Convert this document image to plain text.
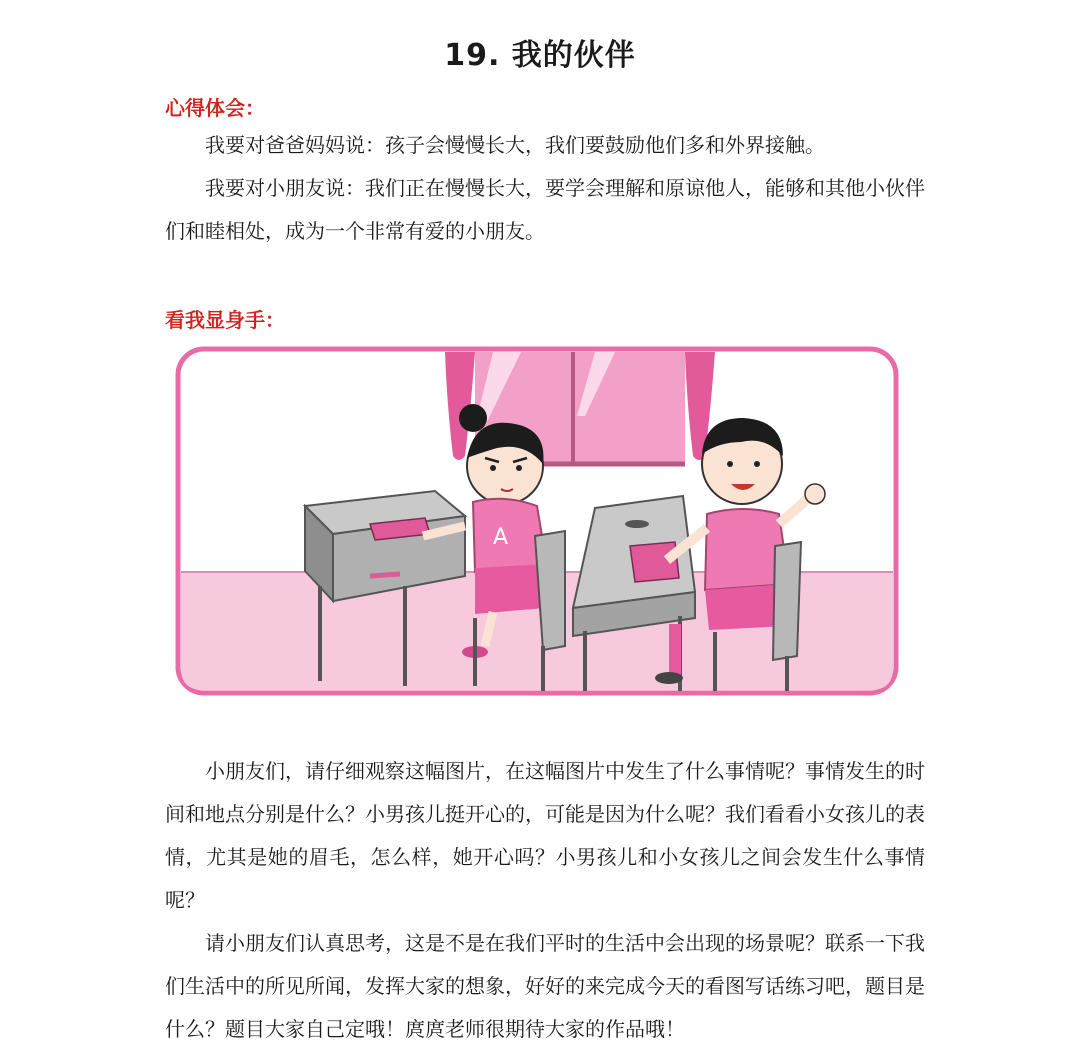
19. 我的伙伴
心得体会：
我要对爸爸妈妈说：孩子会慢慢长大，我们要鼓励他们多和外界接触。
我要对小朋友说：我们正在慢慢长大，要学会理解和原谅他人，能够和其他小伙伴们和睦相处，成为一个非常有爱的小朋友。
看我显身手：
A
小朋友们，请仔细观察这幅图片，在这幅图片中发生了什么事情呢？事情发生的时间和地点分别是什么？小男孩儿挺开心的，可能是因为什么呢？我们看看小女孩儿的表情，尤其是她的眉毛，怎么样，她开心吗？小男孩儿和小女孩儿之间会发生什么事情呢？
请小朋友们认真思考，这是不是在我们平时的生活中会出现的场景呢？联系一下我们生活中的所见所闻，发挥大家的想象，好好的来完成今天的看图写话练习吧，题目是什么？题目大家自己定哦！庹庹老师很期待大家的作品哦！
